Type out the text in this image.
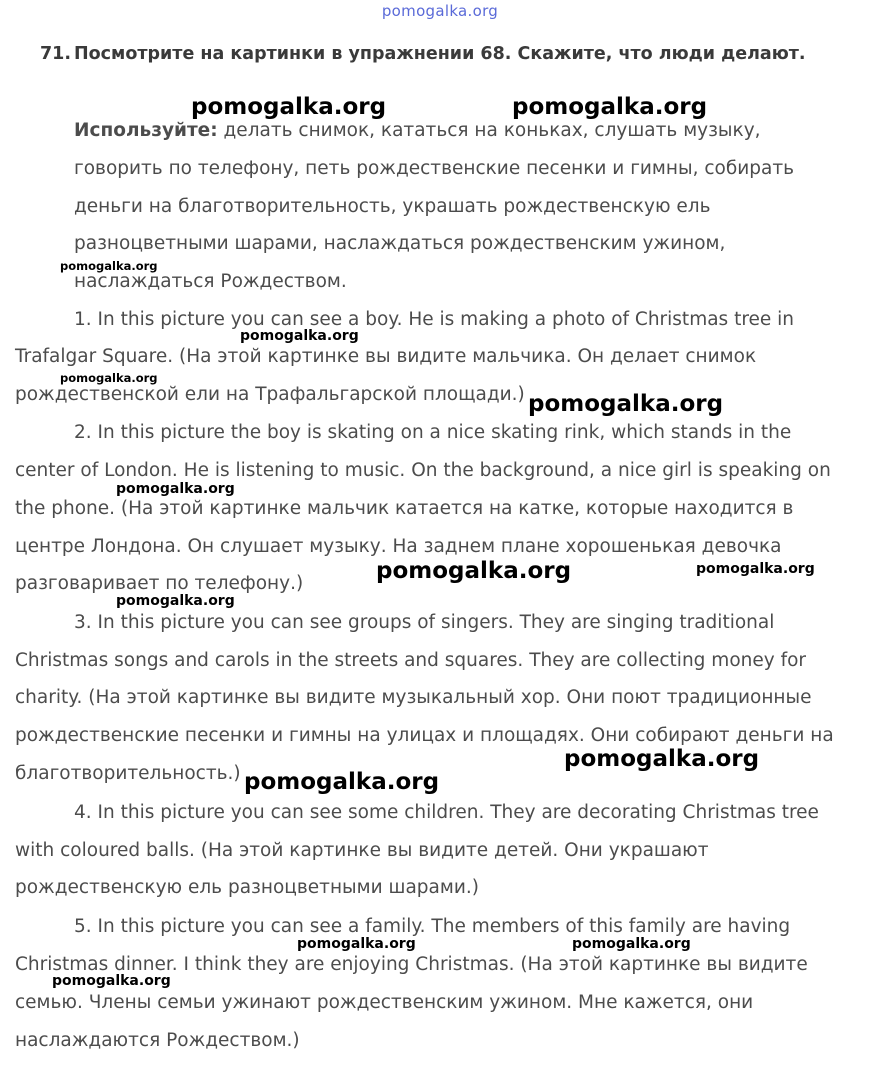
pomogalka.org
71. Посмотрите на картинки в упражнении 68. Скажите, что люди делают.
Используйте: делать снимок, кататься на коньках, слушать музыку,
говорить по телефону, петь рождественские песенки и гимны, собирать
деньги на благотворительность, украшать рождественскую ель
разноцветными шарами, наслаждаться рождественским ужином,
наслаждаться Рождеством.
1. In this picture you can see a boy. He is making a photo of Christmas tree in
Trafalgar Square. (На этой картинке вы видите мальчика. Он делает снимок
рождественской ели на Трафальгарской площади.)
2. In this picture the boy is skating on a nice skating rink, which stands in the
center of London. He is listening to music. On the background, a nice girl is speaking on
the phone. (На этой картинке мальчик катается на катке, которые находится в
центре Лондона. Он слушает музыку. На заднем плане хорошенькая девочка
разговаривает по телефону.)
3. In this picture you can see groups of singers. They are singing traditional
Christmas songs and carols in the streets and squares. They are collecting money for
charity. (На этой картинке вы видите музыкальный хор. Они поют традиционные
рождественские песенки и гимны на улицах и площадях. Они собирают деньги на
благотворительность.)
4. In this picture you can see some children. They are decorating Christmas tree
with coloured balls. (На этой картинке вы видите детей. Они украшают
рождественскую ель разноцветными шарами.)
5. In this picture you can see a family. The members of this family are having
Christmas dinner. I think they are enjoying Christmas. (На этой картинке вы видите
семью. Члены семьи ужинают рождественским ужином. Мне кажется, они
наслаждаются Рождеством.)
pomogalka.org	pomogalka.org
pomogalka.org
pomogalka.org
pomogalka.org
pomogalka.org
pomogalka.org
pomogalka.org	pomogalka.org
pomogalka.org
pomogalka.org
pomogalka.org
pomogalka.org	pomogalka.org
pomogalka.org
